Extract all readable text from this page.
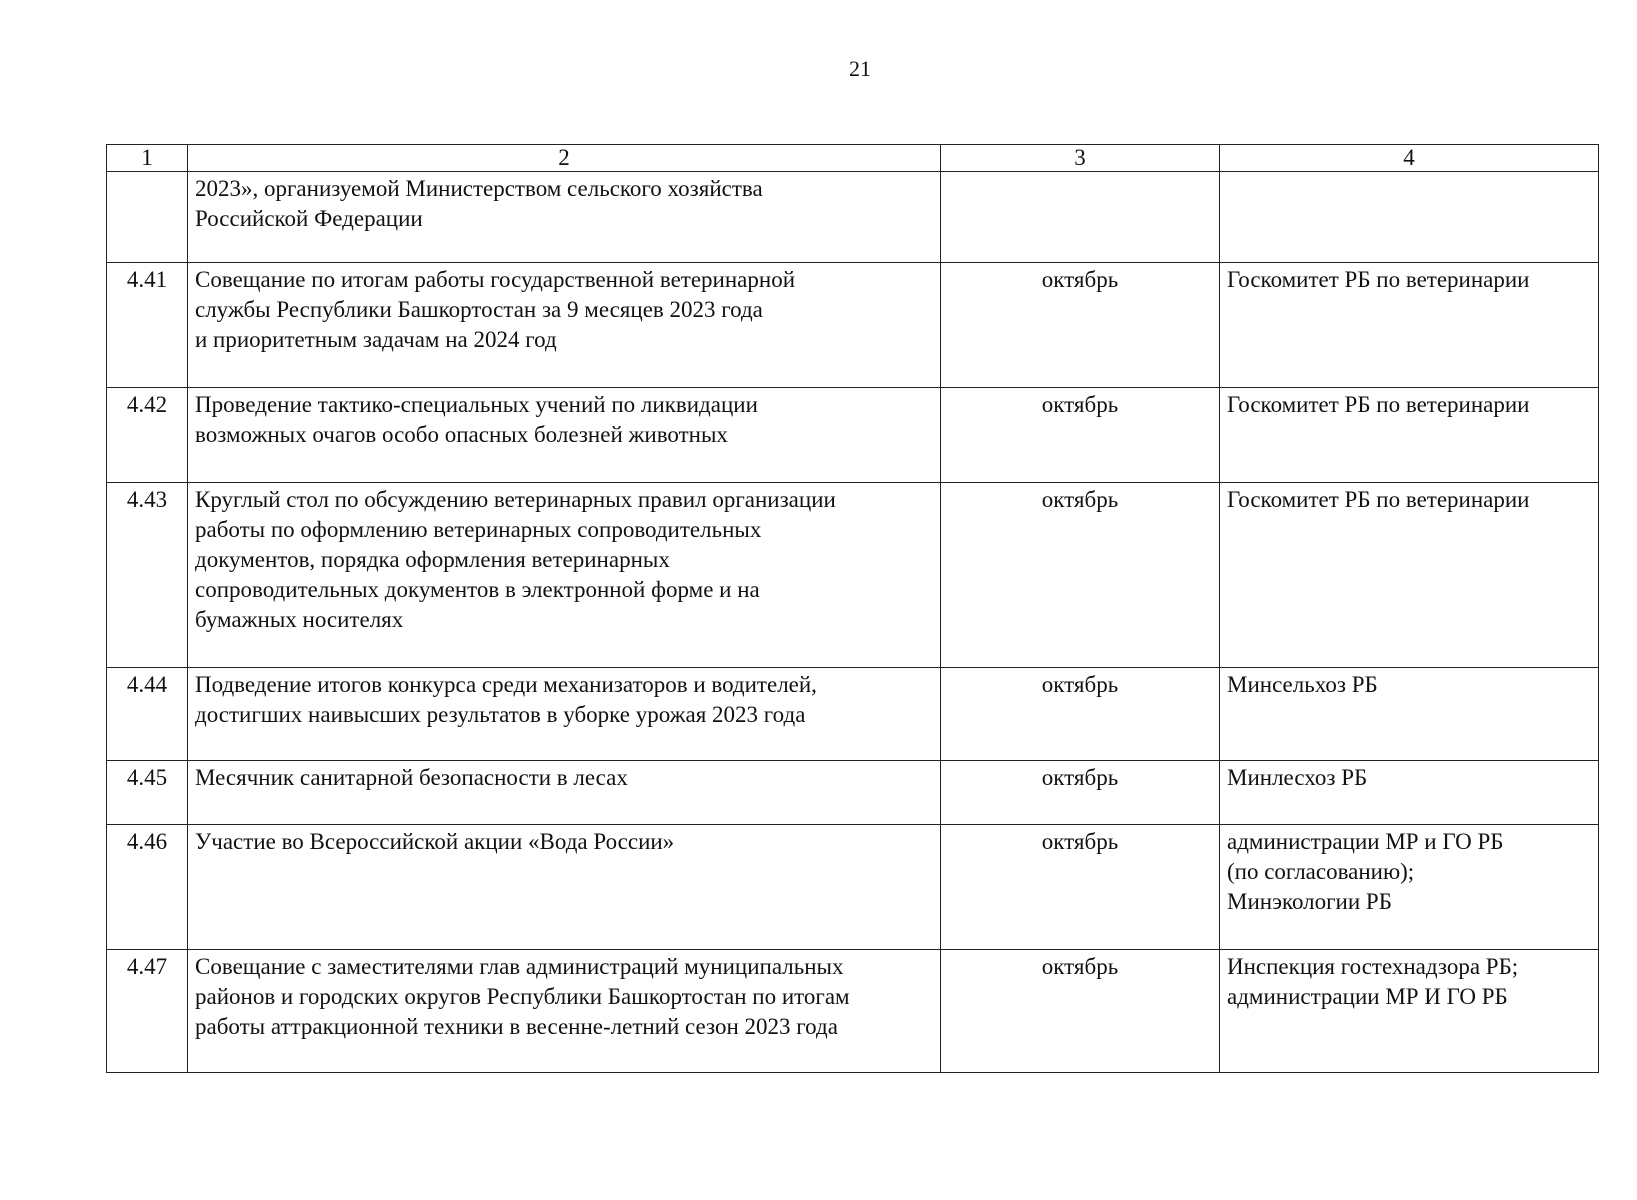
21
1	2	3	4

	2023», организуемой Министерством сельского хозяйства
Российской Федерации		

4.41	Совещание по итогам работы государственной ветеринарной
службы Республики Башкортостан за 9 месяцев 2023 года
и приоритетным задачам на 2024 год	октябрь	Госкомитет РБ по ветеринарии

4.42	Проведение тактико-специальных учений по ликвидации
возможных очагов особо опасных болезней животных	октябрь	Госкомитет РБ по ветеринарии

4.43	Круглый стол по обсуждению ветеринарных правил организации
работы по оформлению ветеринарных сопроводительных
документов, порядка оформления ветеринарных
сопроводительных документов в электронной форме и на
бумажных носителях	октябрь	Госкомитет РБ по ветеринарии

4.44	Подведение итогов конкурса среди механизаторов и водителей,
достигших наивысших результатов в уборке урожая 2023 года	октябрь	Минсельхоз РБ

4.45	Месячник санитарной безопасности в лесах	октябрь	Минлесхоз РБ

4.46	Участие во Всероссийской акции «Вода России»	октябрь	администрации МР и ГО РБ
(по согласованию);
Минэкологии РБ

4.47	Совещание с заместителями глав администраций муниципальных
районов и городских округов Республики Башкортостан по итогам
работы аттракционной техники в весенне-летний сезон 2023 года	октябрь	Инспекция гостехнадзора РБ;
администрации МР И ГО РБ
